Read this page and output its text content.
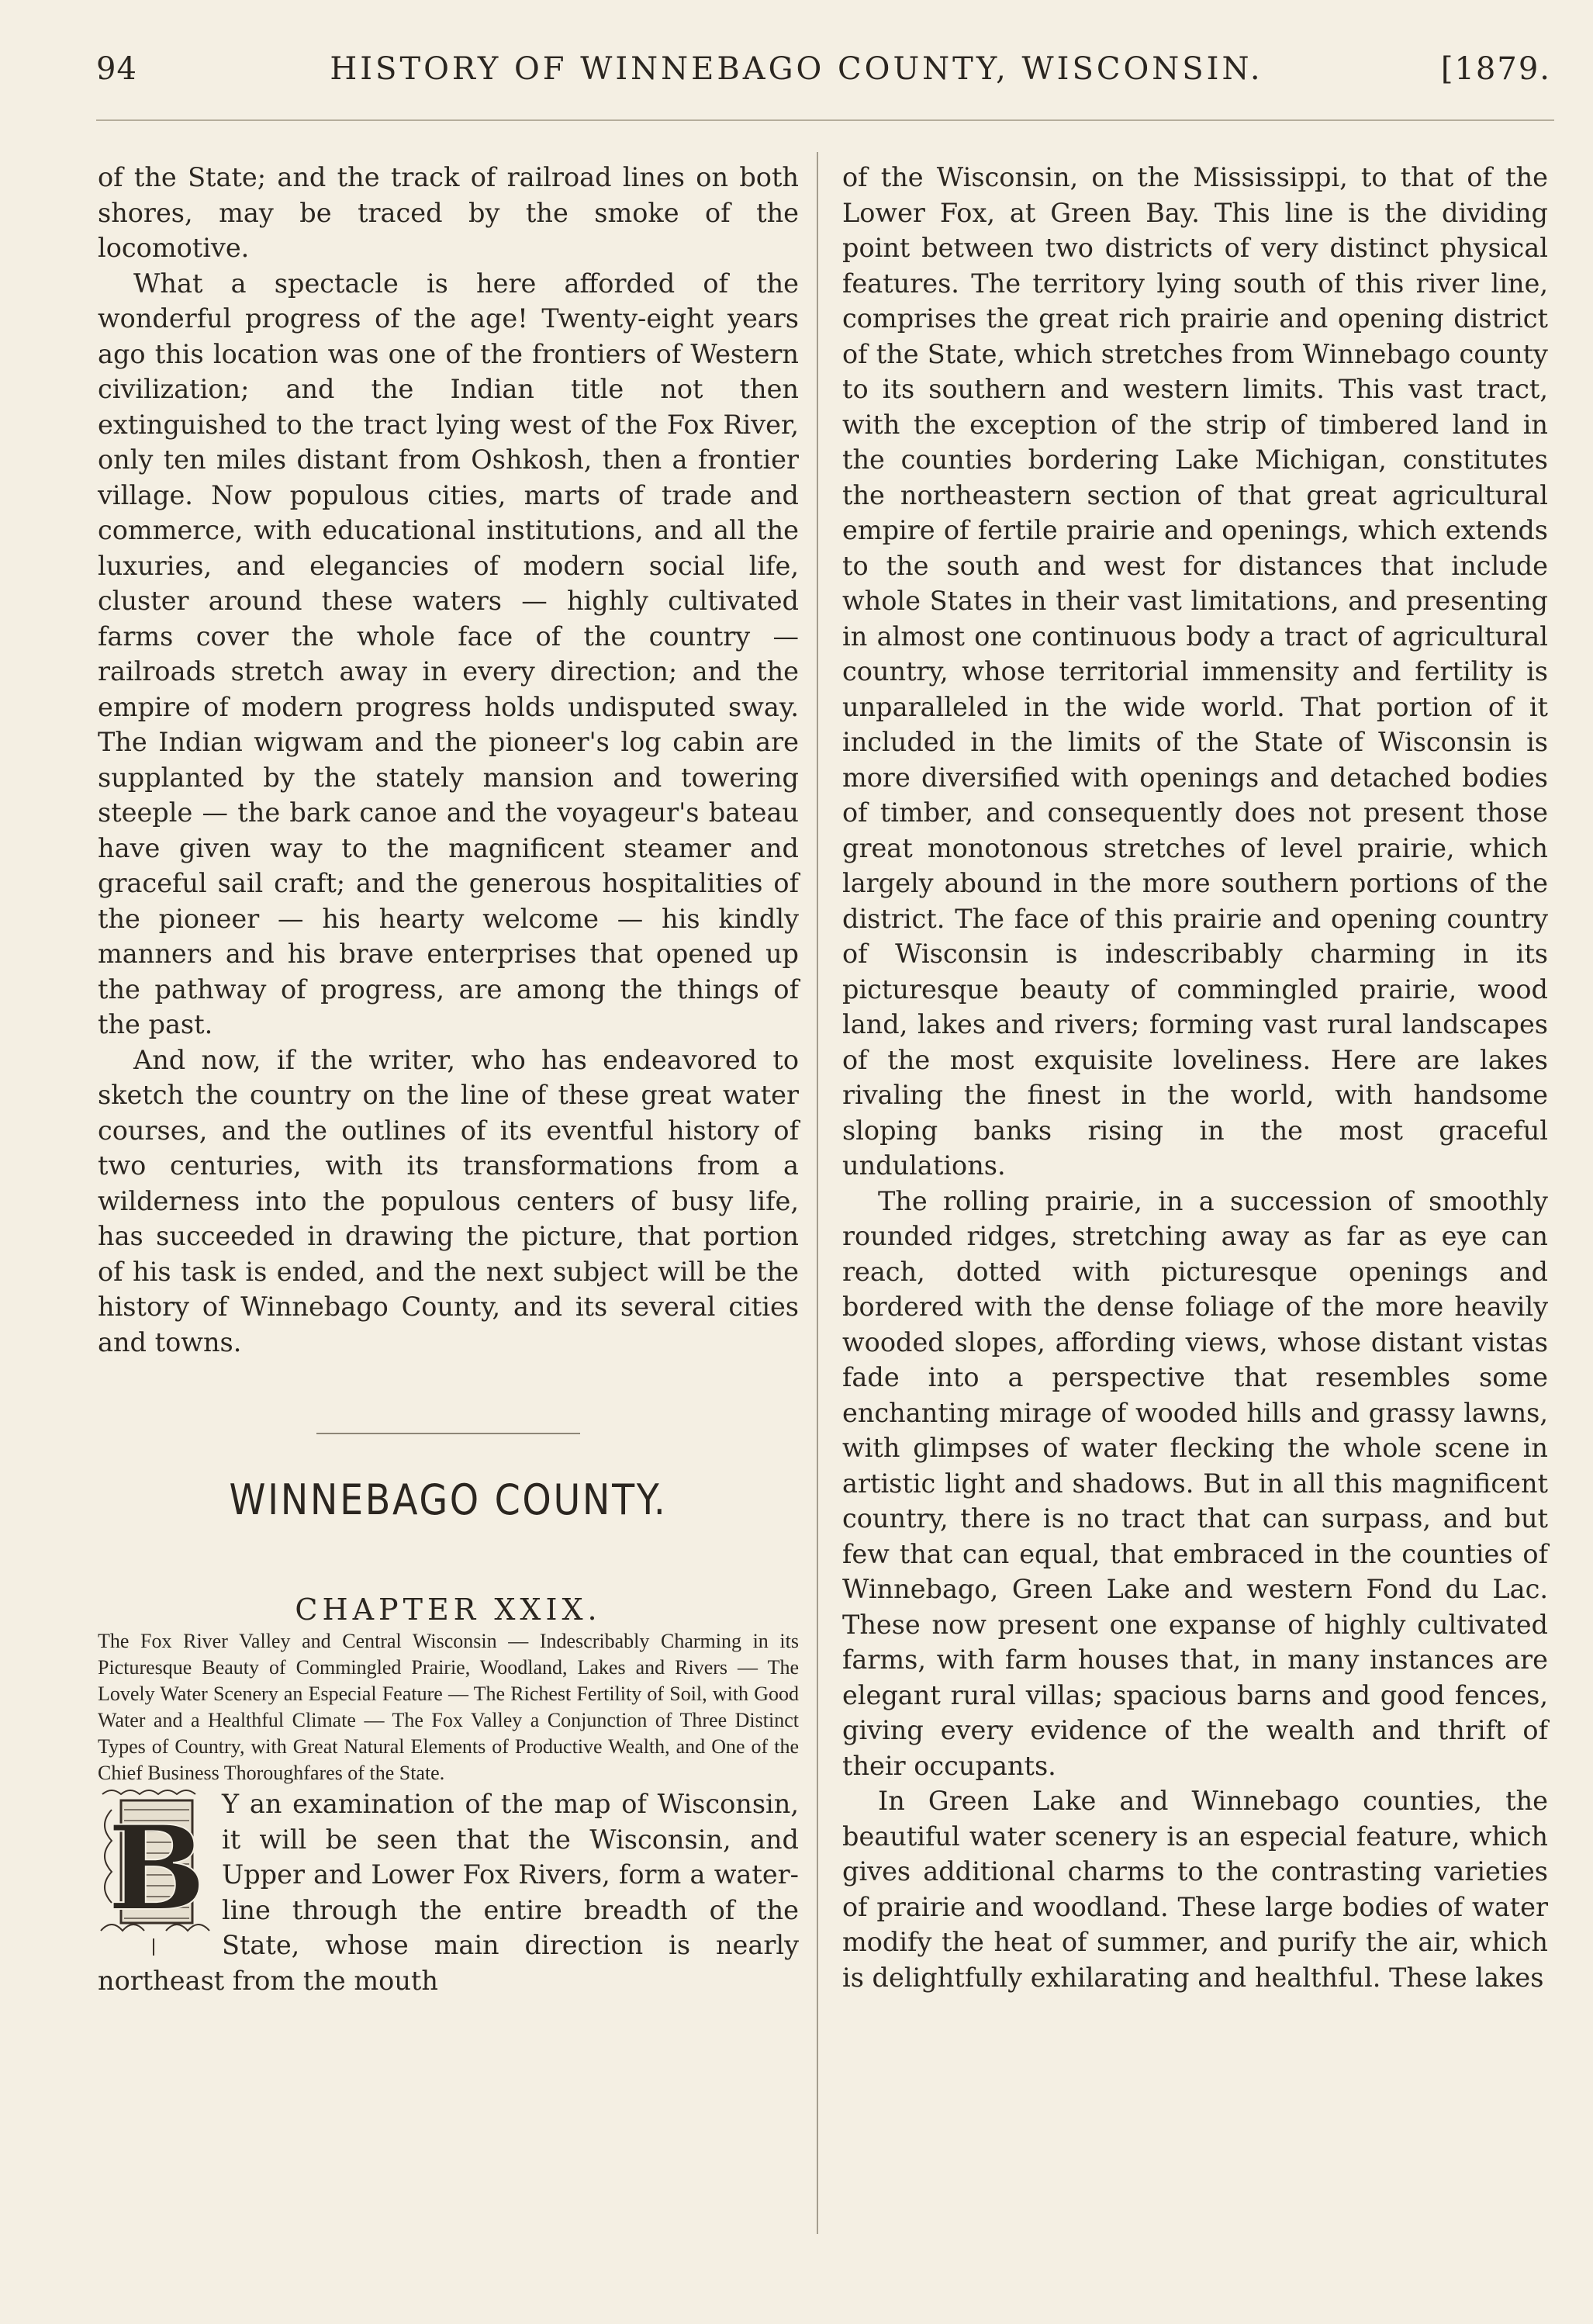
94	HISTORY OF WINNEBAGO COUNTY, WISCONSIN.	[1879.

of the State; and the track of railroad lines on both shores, may be traced by the smoke of the locomotive.

What a spectacle is here afforded of the wonderful progress of the age! Twenty-eight years ago this location was one of the frontiers of Western civilization; and the Indian title not then extinguished to the tract lying west of the Fox River, only ten miles distant from Oshkosh, then a frontier village. Now populous cities, marts of trade and commerce, with educational institutions, and all the luxuries, and elegancies of modern social life, cluster around these waters — highly cultivated farms cover the whole face of the country — railroads stretch away in every direction; and the empire of modern progress holds undisputed sway. The Indian wigwam and the pioneer's log cabin are supplanted by the stately mansion and towering steeple — the bark canoe and the voyageur's bateau have given way to the magnificent steamer and graceful sail craft; and the generous hospitalities of the pioneer — his hearty welcome — his kindly manners and his brave enterprises that opened up the pathway of progress, are among the things of the past.

And now, if the writer, who has endeavored to sketch the country on the line of these great water courses, and the outlines of its eventful history of two centuries, with its transformations from a wilderness into the populous centers of busy life, has succeeded in drawing the picture, that portion of his task is ended, and the next subject will be the history of Winnebago County, and its several cities and towns.

WINNEBAGO COUNTY.
CHAPTER XXIX.

The Fox River Valley and Central Wisconsin — Indescribably Charming in its Picturesque Beauty of Commingled Prairie, Woodland, Lakes and Rivers — The Lovely Water Scenery an Especial Feature — The Richest Fertility of Soil, with Good Water and a Healthful Climate — The Fox Valley a Conjunction of Three Distinct Types of Country, with Great Natural Elements of Productive Wealth, and One of the Chief Business Thoroughfares of the State.

B Y an examination of the map of Wisconsin, it will be seen that the Wisconsin, and Upper and Lower Fox Rivers, form a water-line through the entire breadth of the State, whose main direction is nearly northeast from the mouth

of the Wisconsin, on the Mississippi, to that of the Lower Fox, at Green Bay. This line is the dividing point between two districts of very distinct physical features. The territory lying south of this river line, comprises the great rich prairie and opening district of the State, which stretches from Winnebago county to its southern and western limits. This vast tract, with the exception of the strip of timbered land in the counties bordering Lake Michigan, constitutes the northeastern section of that great agricultural empire of fertile prairie and openings, which extends to the south and west for distances that include whole States in their vast limitations, and presenting in almost one continuous body a tract of agricultural country, whose territorial immensity and fertility is unparalleled in the wide world. That portion of it included in the limits of the State of Wisconsin is more diversified with openings and detached bodies of timber, and consequently does not present those great monotonous stretches of level prairie, which largely abound in the more southern portions of the district. The face of this prairie and opening country of Wisconsin is indescribably charming in its picturesque beauty of commingled prairie, wood land, lakes and rivers; forming vast rural landscapes of the most exquisite loveliness. Here are lakes rivaling the finest in the world, with handsome sloping banks rising in the most graceful undulations.

The rolling prairie, in a succession of smoothly rounded ridges, stretching away as far as eye can reach, dotted with picturesque openings and bordered with the dense foliage of the more heavily wooded slopes, affording views, whose distant vistas fade into a perspective that resembles some enchanting mirage of wooded hills and grassy lawns, with glimpses of water flecking the whole scene in artistic light and shadows. But in all this magnificent country, there is no tract that can surpass, and but few that can equal, that embraced in the counties of Winnebago, Green Lake and western Fond du Lac. These now present one expanse of highly cultivated farms, with farm houses that, in many instances are elegant rural villas; spacious barns and good fences, giving every evidence of the wealth and thrift of their occupants.

In Green Lake and Winnebago counties, the beautiful water scenery is an especial feature, which gives additional charms to the contrasting varieties of prairie and woodland. These large bodies of water modify the heat of summer, and purify the air, which is delightfully exhilarating and healthful. These lakes
